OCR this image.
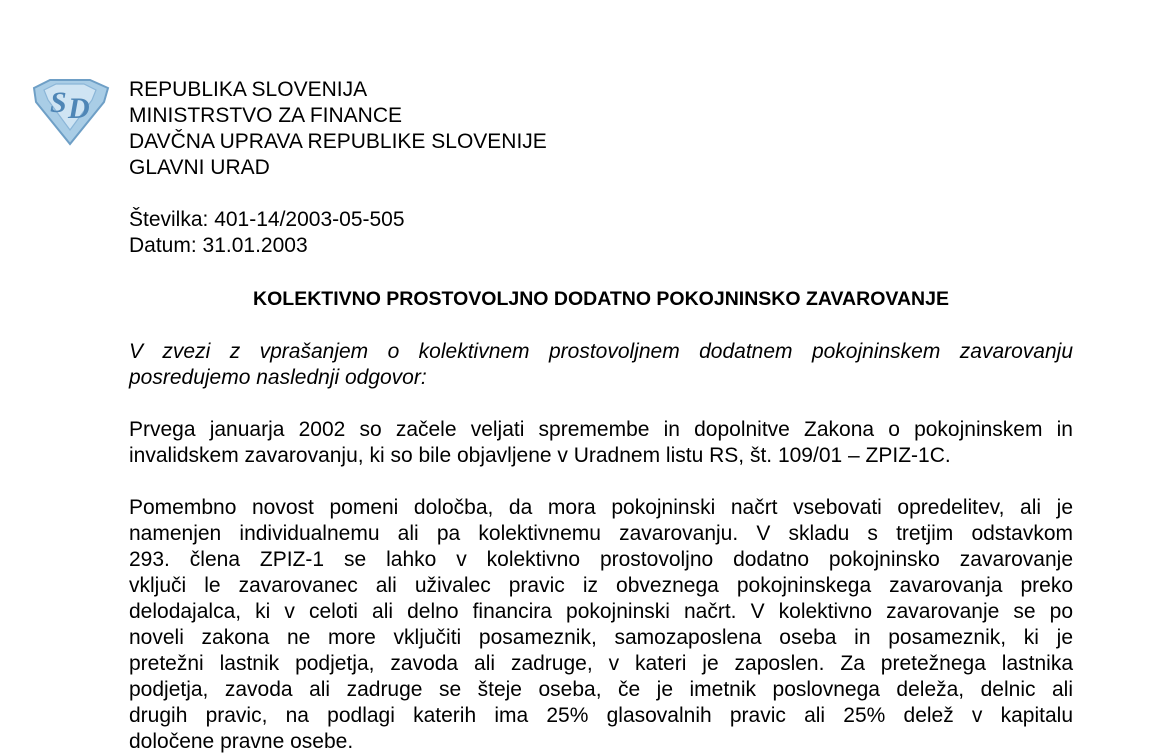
S D
REPUBLIKA SLOVENIJA
MINISTRSTVO ZA FINANCE
DAVČNA UPRAVA REPUBLIKE SLOVENIJE
GLAVNI URAD
Številka: 401-14/2003-05-505
Datum: 31.01.2003
KOLEKTIVNO PROSTOVOLJNO DODATNO POKOJNINSKO ZAVAROVANJE
V zvezi z vprašanjem o kolektivnem prostovoljnem dodatnem pokojninskem zavarovanju
posredujemo naslednji odgovor:
Prvega januarja 2002 so začele veljati spremembe in dopolnitve Zakona o pokojninskem in
invalidskem zavarovanju, ki so bile objavljene v Uradnem listu RS, št. 109/01 – ZPIZ-1C.
Pomembno novost pomeni določba, da mora pokojninski načrt vsebovati opredelitev, ali je
namenjen individualnemu ali pa kolektivnemu zavarovanju. V skladu s tretjim odstavkom
293. člena ZPIZ-1 se lahko v kolektivno prostovoljno dodatno pokojninsko zavarovanje
vključi le zavarovanec ali uživalec pravic iz obveznega pokojninskega zavarovanja preko
delodajalca, ki v celoti ali delno financira pokojninski načrt. V kolektivno zavarovanje se po
noveli zakona ne more vključiti posameznik, samozaposlena oseba in posameznik, ki je
pretežni lastnik podjetja, zavoda ali zadruge, v kateri je zaposlen. Za pretežnega lastnika
podjetja, zavoda ali zadruge se šteje oseba, če je imetnik poslovnega deleža, delnic ali
drugih pravic, na podlagi katerih ima 25% glasovalnih pravic ali 25% delež v kapitalu
določene pravne osebe.
